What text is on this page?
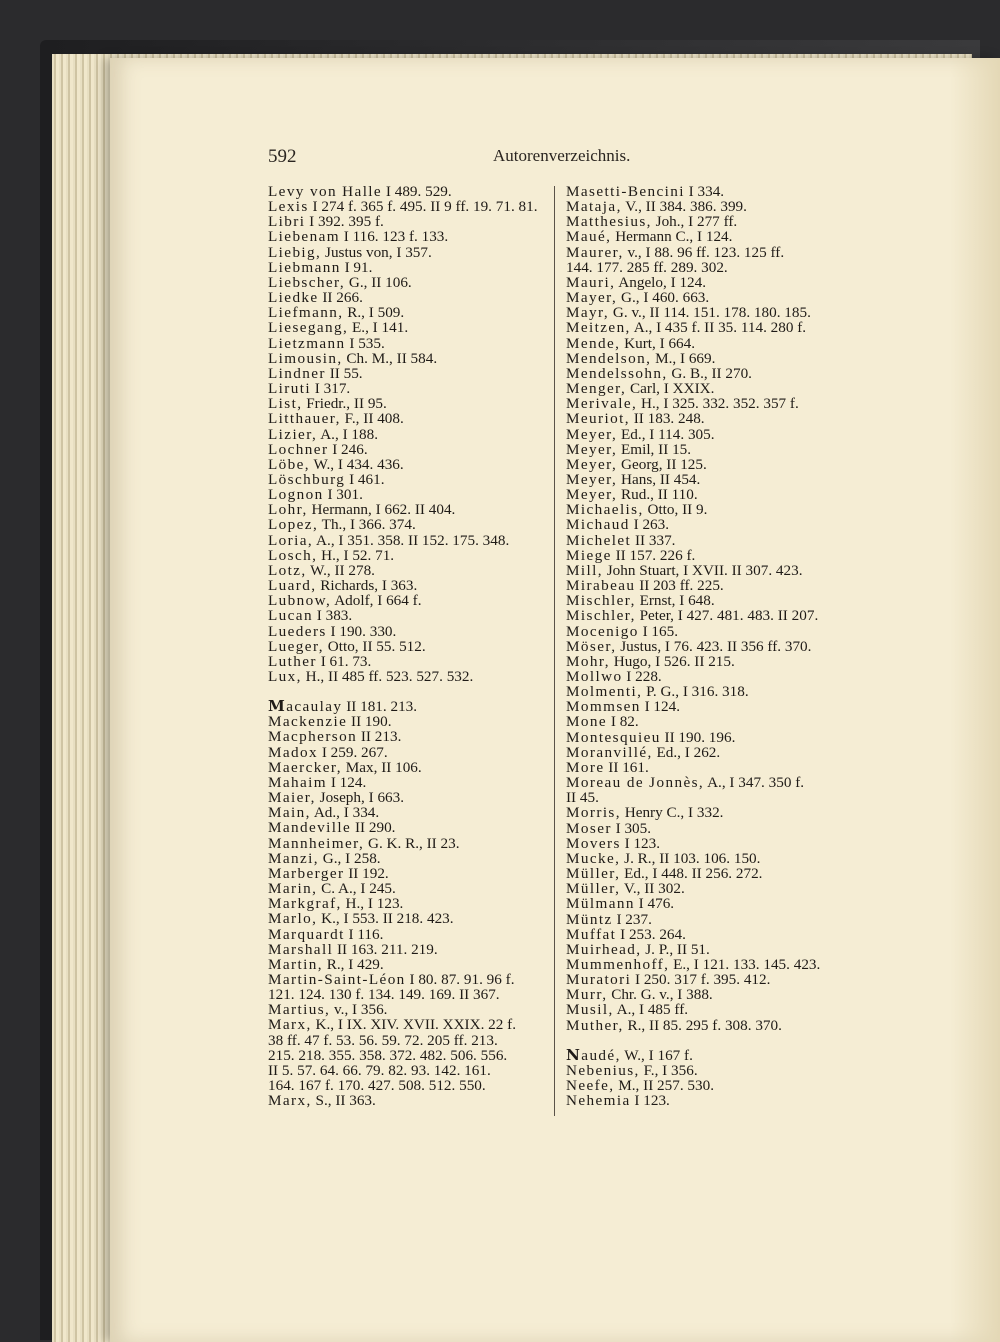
592	Autorenverzeichnis.
Levy von Halle I 489. 529.
Lexis I 274 f. 365 f. 495. II 9 ff. 19. 71. 81.
Libri I 392. 395 f.
Liebenam I 116. 123 f. 133.
Liebig, Justus von, I 357.
Liebmann I 91.
Liebscher, G., II 106.
Liedke II 266.
Liefmann, R., I 509.
Liesegang, E., I 141.
Lietzmann I 535.
Limousin, Ch. M., II 584.
Lindner II 55.
Liruti I 317.
List, Friedr., II 95.
Litthauer, F., II 408.
Lizier, A., I 188.
Lochner I 246.
Löbe, W., I 434. 436.
Löschburg I 461.
Lognon I 301.
Lohr, Hermann, I 662. II 404.
Lopez, Th., I 366. 374.
Loria, A., I 351. 358. II 152. 175. 348.
Losch, H., I 52. 71.
Lotz, W., II 278.
Luard, Richards, I 363.
Lubnow, Adolf, I 664 f.
Lucan I 383.
Lueders I 190. 330.
Lueger, Otto, II 55. 512.
Luther I 61. 73.
Lux, H., II 485 ff. 523. 527. 532.
Macaulay II 181. 213.
Mackenzie II 190.
Macpherson II 213.
Madox I 259. 267.
Maercker, Max, II 106.
Mahaim I 124.
Maier, Joseph, I 663.
Main, Ad., I 334.
Mandeville II 290.
Mannheimer, G. K. R., II 23.
Manzi, G., I 258.
Marberger II 192.
Marin, C. A., I 245.
Markgraf, H., I 123.
Marlo, K., I 553. II 218. 423.
Marquardt I 116.
Marshall II 163. 211. 219.
Martin, R., I 429.
Martin-Saint-Léon I 80. 87. 91. 96 f.
121. 124. 130 f. 134. 149. 169. II 367.
Martius, v., I 356.
Marx, K., I IX. XIV. XVII. XXIX. 22 f.
38 ff. 47 f. 53. 56. 59. 72. 205 ff. 213.
215. 218. 355. 358. 372. 482. 506. 556.
II 5. 57. 64. 66. 79. 82. 93. 142. 161.
164. 167 f. 170. 427. 508. 512. 550.
Marx, S., II 363.
Masetti-Bencini I 334.
Mataja, V., II 384. 386. 399.
Matthesius, Joh., I 277 ff.
Maué, Hermann C., I 124.
Maurer, v., I 88. 96 ff. 123. 125 ff.
144. 177. 285 ff. 289. 302.
Mauri, Angelo, I 124.
Mayer, G., I 460. 663.
Mayr, G. v., II 114. 151. 178. 180. 185.
Meitzen, A., I 435 f. II 35. 114. 280 f.
Mende, Kurt, I 664.
Mendelson, M., I 669.
Mendelssohn, G. B., II 270.
Menger, Carl, I XXIX.
Merivale, H., I 325. 332. 352. 357 f.
Meuriot, II 183. 248.
Meyer, Ed., I 114. 305.
Meyer, Emil, II 15.
Meyer, Georg, II 125.
Meyer, Hans, II 454.
Meyer, Rud., II 110.
Michaelis, Otto, II 9.
Michaud I 263.
Michelet II 337.
Miege II 157. 226 f.
Mill, John Stuart, I XVII. II 307. 423.
Mirabeau II 203 ff. 225.
Mischler, Ernst, I 648.
Mischler, Peter, I 427. 481. 483. II 207.
Mocenigo I 165.
Möser, Justus, I 76. 423. II 356 ff. 370.
Mohr, Hugo, I 526. II 215.
Mollwo I 228.
Molmenti, P. G., I 316. 318.
Mommsen I 124.
Mone I 82.
Montesquieu II 190. 196.
Moranvillé, Ed., I 262.
More II 161.
Moreau de Jonnès, A., I 347. 350 f.
II 45.
Morris, Henry C., I 332.
Moser I 305.
Movers I 123.
Mucke, J. R., II 103. 106. 150.
Müller, Ed., I 448. II 256. 272.
Müller, V., II 302.
Mülmann I 476.
Müntz I 237.
Muffat I 253. 264.
Muirhead, J. P., II 51.
Mummenhoff, E., I 121. 133. 145. 423.
Muratori I 250. 317 f. 395. 412.
Murr, Chr. G. v., I 388.
Musil, A., I 485 ff.
Muther, R., II 85. 295 f. 308. 370.
Naudé, W., I 167 f.
Nebenius, F., I 356.
Neefe, M., II 257. 530.
Nehemia I 123.
